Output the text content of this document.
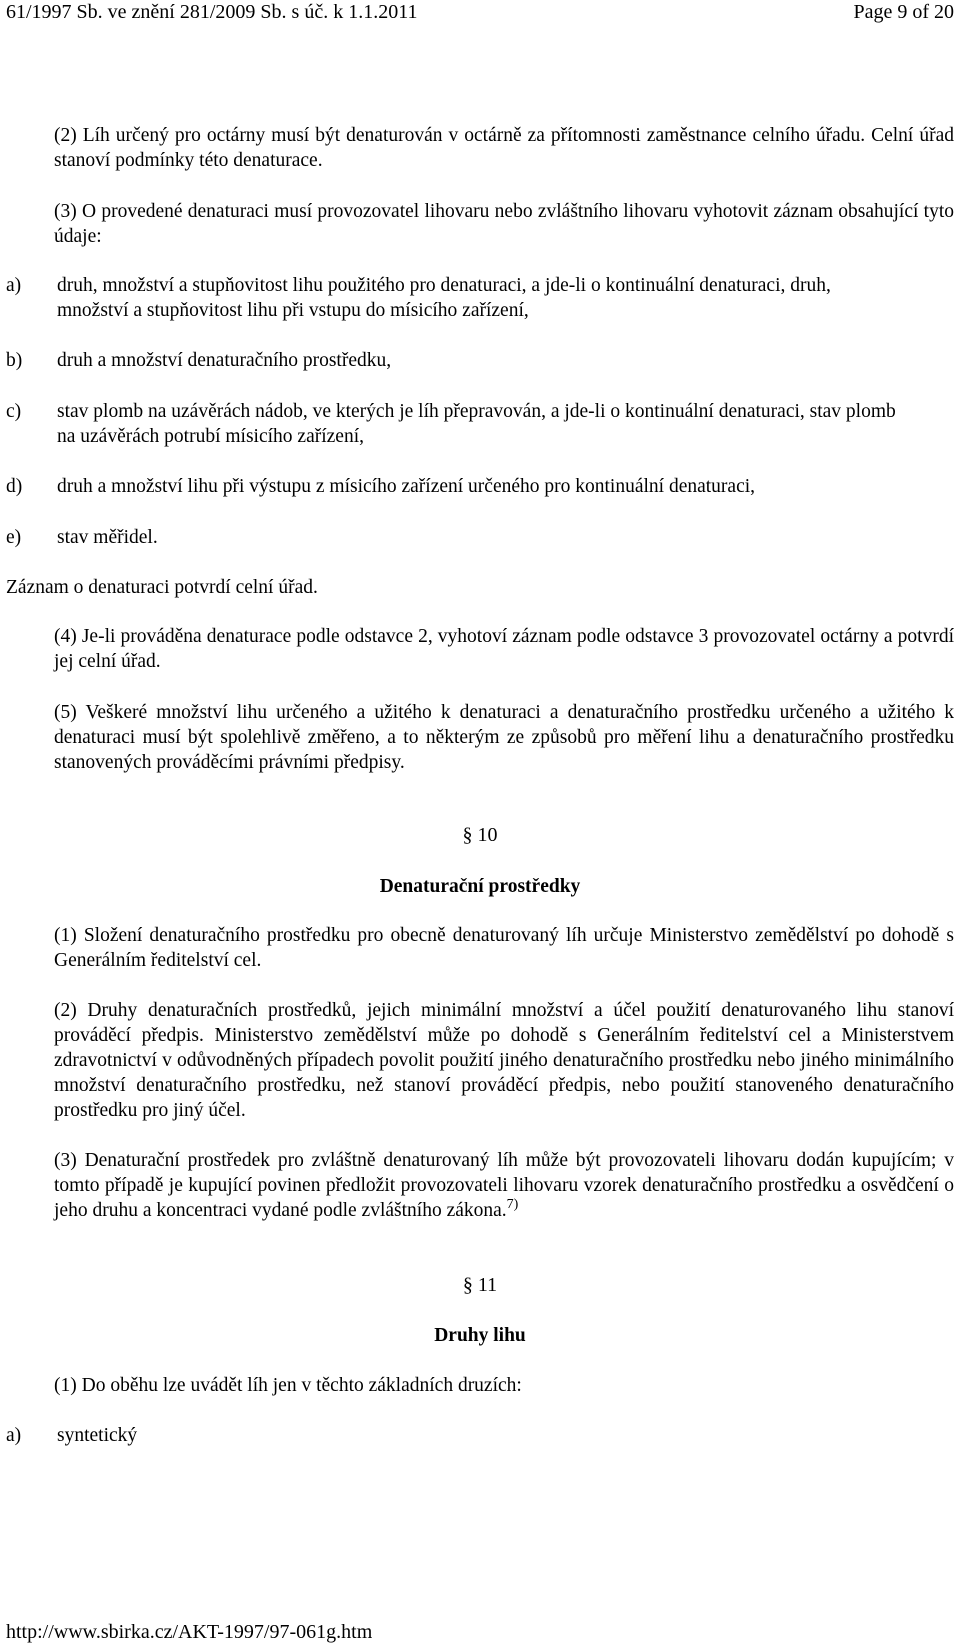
61/1997 Sb. ve znění 281/2009 Sb. s úč. k 1.1.2011	Page 9 of 20

(2) Líh určený pro octárny musí být denaturován v octárně za přítomnosti zaměstnance celního úřadu. Celní úřad stanoví podmínky této denaturace.

(3) O provedené denaturaci musí provozovatel lihovaru nebo zvláštního lihovaru vyhotovit záznam obsahující tyto údaje:

a)	druh, množství a stupňovitost lihu použitého pro denaturaci, a jde-li o kontinuální denaturaci, druh, množství a stupňovitost lihu při vstupu do mísicího zařízení,
b)	druh a množství denaturačního prostředku,
c)	stav plomb na uzávěrách nádob, ve kterých je líh přepravován, a jde-li o kontinuální denaturaci, stav plomb na uzávěrách potrubí mísicího zařízení,
d)	druh a množství lihu při výstupu z mísicího zařízení určeného pro kontinuální denaturaci,
e)	stav měřidel.

Záznam o denaturaci potvrdí celní úřad.

(4) Je-li prováděna denaturace podle odstavce 2, vyhotoví záznam podle odstavce 3 provozovatel octárny a potvrdí jej celní úřad.

(5) Veškeré množství lihu určeného a užitého k denaturaci a denaturačního prostředku určeného a užitého k denaturaci musí být spolehlivě změřeno, a to některým ze způsobů pro měření lihu a denaturačního prostředku stanovených prováděcími právními předpisy.

§ 10

Denaturační prostředky

(1) Složení denaturačního prostředku pro obecně denaturovaný líh určuje Ministerstvo zemědělství po dohodě s Generálním ředitelství cel.

(2) Druhy denaturačních prostředků, jejich minimální množství a účel použití denaturovaného lihu stanoví prováděcí předpis. Ministerstvo zemědělství může po dohodě s Generálním ředitelství cel a Ministerstvem zdravotnictví v odůvodněných případech povolit použití jiného denaturačního prostředku nebo jiného minimálního množství denaturačního prostředku, než stanoví prováděcí předpis, nebo použití stanoveného denaturačního prostředku pro jiný účel.

(3) Denaturační prostředek pro zvláštně denaturovaný líh může být provozovateli lihovaru dodán kupujícím; v tomto případě je kupující povinen předložit provozovateli lihovaru vzorek denaturačního prostředku a osvědčení o jeho druhu a koncentraci vydané podle zvláštního zákona.$^{7)}$

§ 11

Druhy lihu

(1) Do oběhu lze uvádět líh jen v těchto základních druzích:

a)	syntetický
http://www.sbirka.cz/AKT-1997/97-061g.htm
